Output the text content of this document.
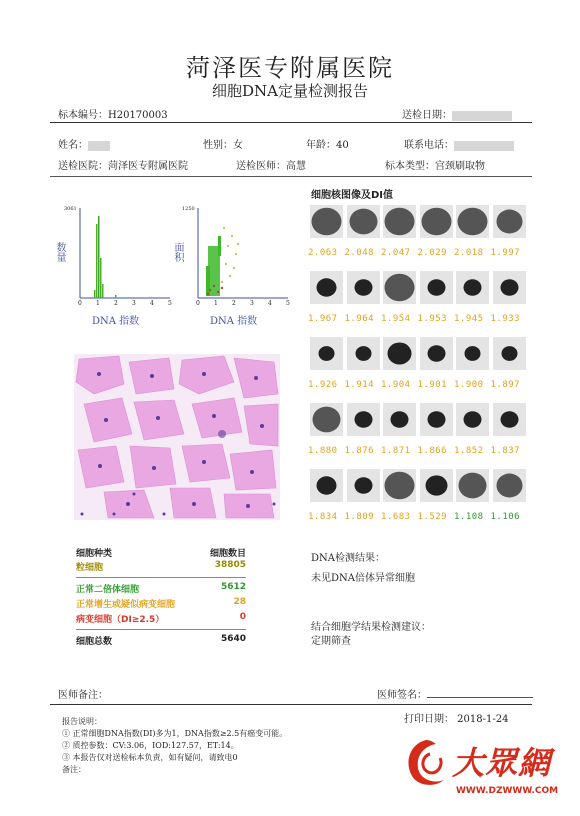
菏泽医专附属医院
细胞DNA定量检测报告
标本编号：H20170003	送检日期：
姓名：	性别：女	年龄：40	联系电话：
送检医院：菏泽医专附属医院	送检医师：高慧	标本类型：宫颈刷取物
数量
3061
0 1 2 3 4 5
DNA 指数
面积
1250
0 1 2 3 4 5
DNA 指数
细胞核图像及DI值
2.063 2.048 2.047 2.029 2.018 1.997
1.967 1.964 1.954 1.953 1.945 1.933
1.926 1.914 1.904 1.901 1.900 1.897
1.880 1.876 1.871 1.866 1.852 1.837
1.834 1.809 1.683 1.529 1.108 1.106
细胞种类	细胞数目
粒细胞	38805
正常二倍体细胞	5612
正常增生或疑似病变细胞	28
病变细胞（DI≥2.5）	0
细胞总数	5640
DNA检测结果：
未见DNA倍体异常细胞
结合细胞学结果检测建议：
定期筛查
医师备注：	医师签名：
打印日期： 2018-1-24
报告说明：
① 正常细胞DNA指数(DI)多为1，DNA指数≥2.5有癌变可能。
② 质控参数：CV:3.06，IOD:127.57，ET:14。
③ 本报告仅对送检标本负责，如有疑问，请致电0
备注：	大眾網
WWW.DZWWW.COM
